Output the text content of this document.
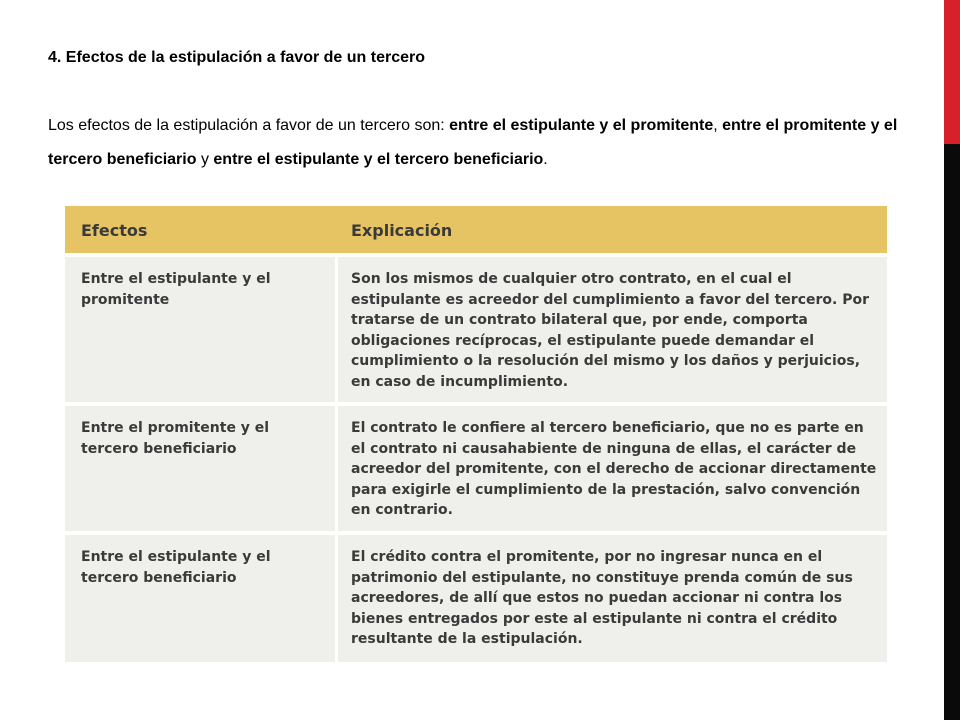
4. Efectos de la estipulación a favor de un tercero
Los efectos de la estipulación a favor de un tercero son: entre el estipulante y el promitente, entre el promitente y el tercero beneficiario y entre el estipulante y el tercero beneficiario.
Efectos	Explicación
Entre el estipulante y el promitente
Son los mismos de cualquier otro contrato, en el cual el estipulante es acreedor del cumplimiento a favor del tercero. Por tratarse de un contrato bilateral que, por ende, comporta obligaciones recíprocas, el estipulante puede demandar el cumplimiento o la resolución del mismo y los daños y perjuicios, en caso de incumplimiento.
Entre el promitente y el tercero beneficiario
El contrato le confiere al tercero beneficiario, que no es parte en el contrato ni causahabiente de ninguna de ellas, el carácter de acreedor del promitente, con el derecho de accionar directamente para exigirle el cumplimiento de la prestación, salvo convención en contrario.
Entre el estipulante y el tercero beneficiario
El crédito contra el promitente, por no ingresar nunca en el patrimonio del estipulante, no constituye prenda común de sus acreedores, de allí que estos no puedan accionar ni contra los bienes entregados por este al estipulante ni contra el crédito resultante de la estipulación.
